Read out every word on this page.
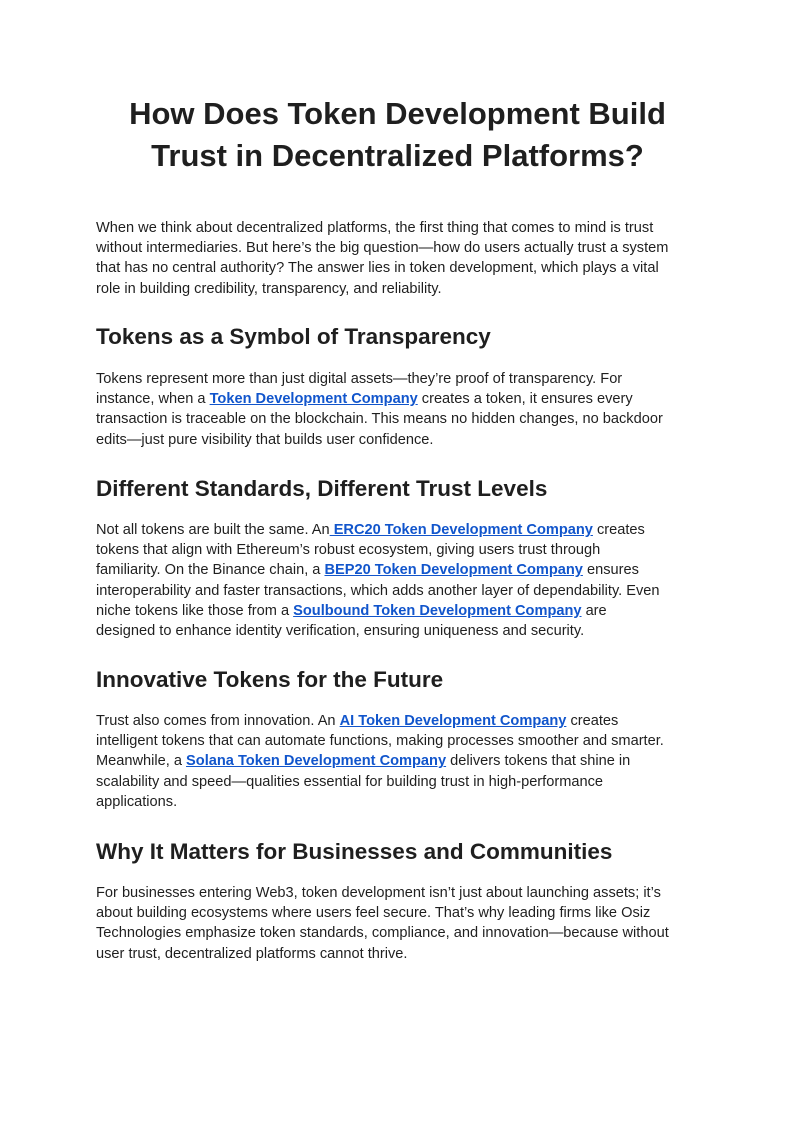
How Does Token Development Build
Trust in Decentralized Platforms?

When we think about decentralized platforms, the first thing that comes to mind is trust
without intermediaries. But here’s the big question—how do users actually trust a system
that has no central authority? The answer lies in token development, which plays a vital
role in building credibility, transparency, and reliability.

Tokens as a Symbol of Transparency

Tokens represent more than just digital assets—they’re proof of transparency. For
instance, when a Token Development Company creates a token, it ensures every
transaction is traceable on the blockchain. This means no hidden changes, no backdoor
edits—just pure visibility that builds user confidence.

Different Standards, Different Trust Levels

Not all tokens are built the same. An ERC20 Token Development Company creates
tokens that align with Ethereum’s robust ecosystem, giving users trust through
familiarity. On the Binance chain, a BEP20 Token Development Company ensures
interoperability and faster transactions, which adds another layer of dependability. Even
niche tokens like those from a Soulbound Token Development Company are
designed to enhance identity verification, ensuring uniqueness and security.

Innovative Tokens for the Future

Trust also comes from innovation. An AI Token Development Company creates
intelligent tokens that can automate functions, making processes smoother and smarter.
Meanwhile, a Solana Token Development Company delivers tokens that shine in
scalability and speed—qualities essential for building trust in high-performance
applications.

Why It Matters for Businesses and Communities

For businesses entering Web3, token development isn’t just about launching assets; it’s
about building ecosystems where users feel secure. That’s why leading firms like Osiz
Technologies emphasize token standards, compliance, and innovation—because without
user trust, decentralized platforms cannot thrive.
